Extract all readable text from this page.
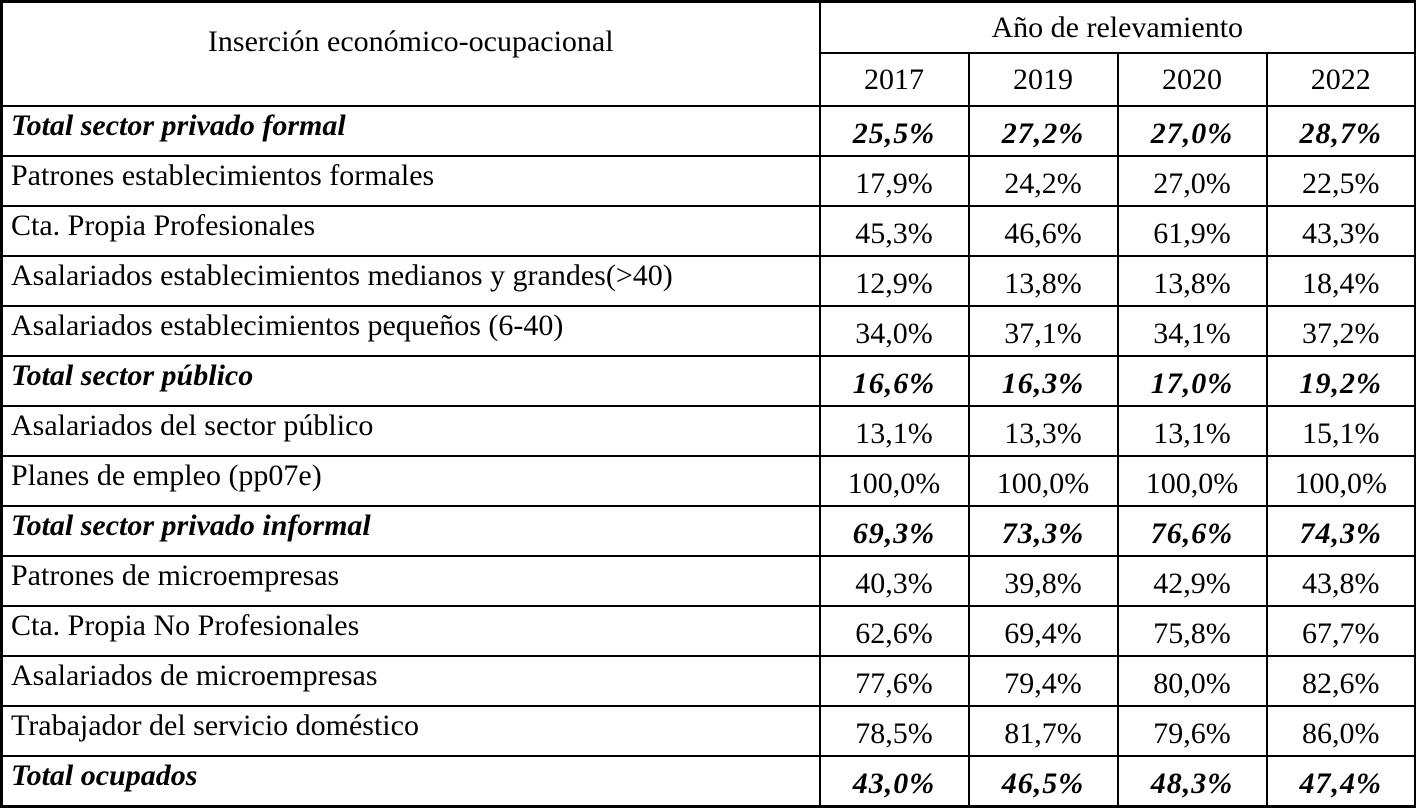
Inserción económico-ocupacional	Año de relevamiento			
	2017	2019	2020	2022
Total sector privado formal	25,5%	27,2%	27,0%	28,7%
Patrones establecimientos formales	17,9%	24,2%	27,0%	22,5%
Cta. Propia Profesionales	45,3%	46,6%	61,9%	43,3%
Asalariados establecimientos medianos y grandes(>40)	12,9%	13,8%	13,8%	18,4%
Asalariados establecimientos pequeños (6-40)	34,0%	37,1%	34,1%	37,2%
Total sector público	16,6%	16,3%	17,0%	19,2%
Asalariados del sector público	13,1%	13,3%	13,1%	15,1%
Planes de empleo (pp07e)	100,0%	100,0%	100,0%	100,0%
Total sector privado informal	69,3%	73,3%	76,6%	74,3%
Patrones de microempresas	40,3%	39,8%	42,9%	43,8%
Cta. Propia No Profesionales	62,6%	69,4%	75,8%	67,7%
Asalariados de microempresas	77,6%	79,4%	80,0%	82,6%
Trabajador del servicio doméstico	78,5%	81,7%	79,6%	86,0%
Total ocupados	43,0%	46,5%	48,3%	47,4%
